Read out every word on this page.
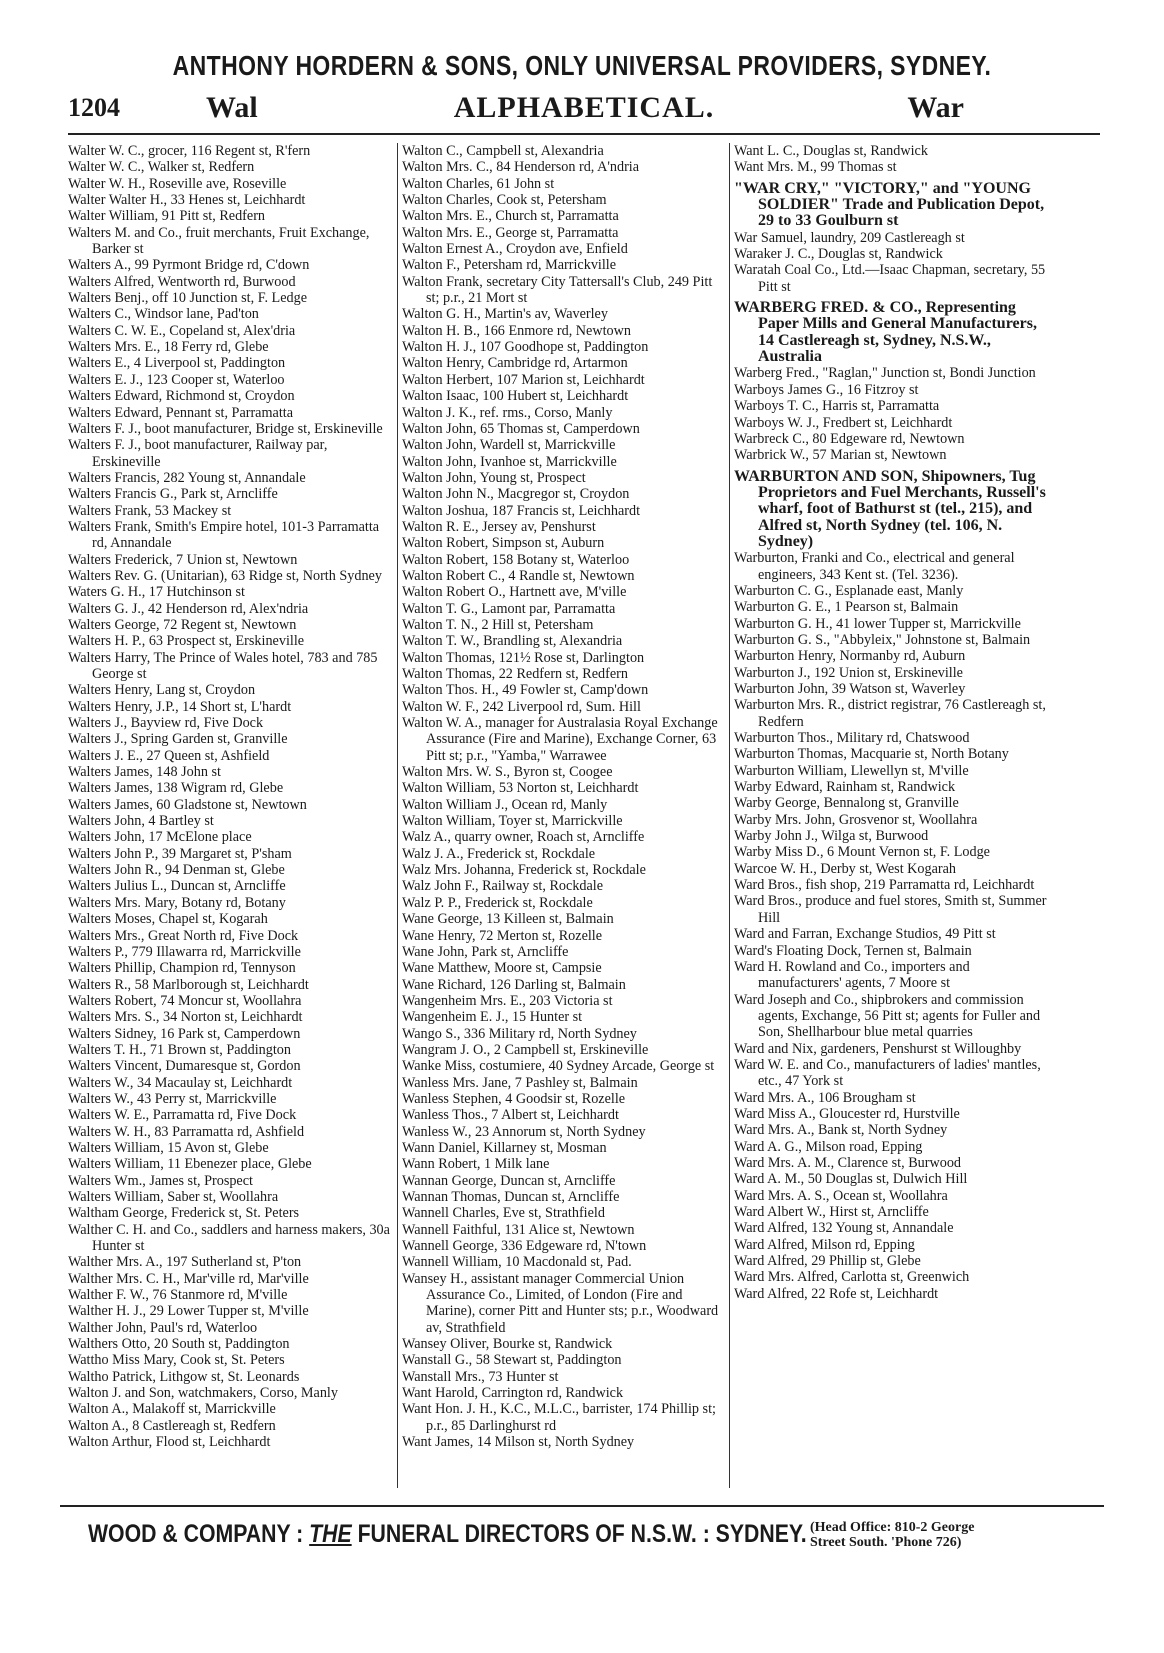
ANTHONY HORDERN & SONS, ONLY UNIVERSAL PROVIDERS, SYDNEY.
1204	Wal	ALPHABETICAL.	War

Walter W. C., grocer, 116 Regent st, R'fern

Walter W. C., Walker st, Redfern

Walter W. H., Roseville ave, Roseville

Walter Walter H., 33 Henes st, Leichhardt

Walter William, 91 Pitt st, Redfern

Walters M. and Co., fruit merchants, Fruit Exchange, Barker st

Walters A., 99 Pyrmont Bridge rd, C'down

Walters Alfred, Wentworth rd, Burwood

Walters Benj., off 10 Junction st, F. Ledge

Walters C., Windsor lane, Pad'ton

Walters C. W. E., Copeland st, Alex'dria

Walters Mrs. E., 18 Ferry rd, Glebe

Walters E., 4 Liverpool st, Paddington

Walters E. J., 123 Cooper st, Waterloo

Walters Edward, Richmond st, Croydon

Walters Edward, Pennant st, Parramatta

Walters F. J., boot manufacturer, Bridge st, Erskineville

Walters F. J., boot manufacturer, Railway par, Erskineville

Walters Francis, 282 Young st, Annandale

Walters Francis G., Park st, Arncliffe

Walters Frank, 53 Mackey st

Walters Frank, Smith's Empire hotel, 101-3 Parramatta rd, Annandale

Walters Frederick, 7 Union st, Newtown

Walters Rev. G. (Unitarian), 63 Ridge st, North Sydney

Waters G. H., 17 Hutchinson st

Walters G. J., 42 Henderson rd, Alex'ndria

Walters George, 72 Regent st, Newtown

Walters H. P., 63 Prospect st, Erskineville

Walters Harry, The Prince of Wales hotel, 783 and 785 George st

Walters Henry, Lang st, Croydon

Walters Henry, J.P., 14 Short st, L'hardt

Walters J., Bayview rd, Five Dock

Walters J., Spring Garden st, Granville

Walters J. E., 27 Queen st, Ashfield

Walters James, 148 John st

Walters James, 138 Wigram rd, Glebe

Walters James, 60 Gladstone st, Newtown

Walters John, 4 Bartley st

Walters John, 17 McElone place

Walters John P., 39 Margaret st, P'sham

Walters John R., 94 Denman st, Glebe

Walters Julius L., Duncan st, Arncliffe

Walters Mrs. Mary, Botany rd, Botany

Walters Moses, Chapel st, Kogarah

Walters Mrs., Great North rd, Five Dock

Walters P., 779 Illawarra rd, Marrickville

Walters Phillip, Champion rd, Tennyson

Walters R., 58 Marlborough st, Leichhardt

Walters Robert, 74 Moncur st, Woollahra

Walters Mrs. S., 34 Norton st, Leichhardt

Walters Sidney, 16 Park st, Camperdown

Walters T. H., 71 Brown st, Paddington

Walters Vincent, Dumaresque st, Gordon

Walters W., 34 Macaulay st, Leichhardt

Walters W., 43 Perry st, Marrickville

Walters W. E., Parramatta rd, Five Dock

Walters W. H., 83 Parramatta rd, Ashfield

Walters William, 15 Avon st, Glebe

Walters William, 11 Ebenezer place, Glebe

Walters Wm., James st, Prospect

Walters William, Saber st, Woollahra

Waltham George, Frederick st, St. Peters

Walther C. H. and Co., saddlers and harness makers, 30a Hunter st

Walther Mrs. A., 197 Sutherland st, P'ton

Walther Mrs. C. H., Mar'ville rd, Mar'ville

Walther F. W., 76 Stanmore rd, M'ville

Walther H. J., 29 Lower Tupper st, M'ville

Walther John, Paul's rd, Waterloo

Walthers Otto, 20 South st, Paddington

Wattho Miss Mary, Cook st, St. Peters

Waltho Patrick, Lithgow st, St. Leonards

Walton J. and Son, watchmakers, Corso, Manly

Walton A., Malakoff st, Marrickville

Walton A., 8 Castlereagh st, Redfern

Walton Arthur, Flood st, Leichhardt

Walton C., Campbell st, Alexandria

Walton Mrs. C., 84 Henderson rd, A'ndria

Walton Charles, 61 John st

Walton Charles, Cook st, Petersham

Walton Mrs. E., Church st, Parramatta

Walton Mrs. E., George st, Parramatta

Walton Ernest A., Croydon ave, Enfield

Walton F., Petersham rd, Marrickville

Walton Frank, secretary City Tattersall's Club, 249 Pitt st; p.r., 21 Mort st

Walton G. H., Martin's av, Waverley

Walton H. B., 166 Enmore rd, Newtown

Walton H. J., 107 Goodhope st, Paddington

Walton Henry, Cambridge rd, Artarmon

Walton Herbert, 107 Marion st, Leichhardt

Walton Isaac, 100 Hubert st, Leichhardt

Walton J. K., ref. rms., Corso, Manly

Walton John, 65 Thomas st, Camperdown

Walton John, Wardell st, Marrickville

Walton John, Ivanhoe st, Marrickville

Walton John, Young st, Prospect

Walton John N., Macgregor st, Croydon

Walton Joshua, 187 Francis st, Leichhardt

Walton R. E., Jersey av, Penshurst

Walton Robert, Simpson st, Auburn

Walton Robert, 158 Botany st, Waterloo

Walton Robert C., 4 Randle st, Newtown

Walton Robert O., Hartnett ave, M'ville

Walton T. G., Lamont par, Parramatta

Walton T. N., 2 Hill st, Petersham

Walton T. W., Brandling st, Alexandria

Walton Thomas, 121½ Rose st, Darlington

Walton Thomas, 22 Redfern st, Redfern

Walton Thos. H., 49 Fowler st, Camp'down

Walton W. F., 242 Liverpool rd, Sum. Hill

Walton W. A., manager for Australasia Royal Exchange Assurance (Fire and Marine), Exchange Corner, 63 Pitt st; p.r., "Yamba," Warrawee

Walton Mrs. W. S., Byron st, Coogee

Walton William, 53 Norton st, Leichhardt

Walton William J., Ocean rd, Manly

Walton William, Toyer st, Marrickville

Walz A., quarry owner, Roach st, Arncliffe

Walz J. A., Frederick st, Rockdale

Walz Mrs. Johanna, Frederick st, Rockdale

Walz John F., Railway st, Rockdale

Walz P. P., Frederick st, Rockdale

Wane George, 13 Killeen st, Balmain

Wane Henry, 72 Merton st, Rozelle

Wane John, Park st, Arncliffe

Wane Matthew, Moore st, Campsie

Wane Richard, 126 Darling st, Balmain

Wangenheim Mrs. E., 203 Victoria st

Wangenheim E. J., 15 Hunter st

Wango S., 336 Military rd, North Sydney

Wangram J. O., 2 Campbell st, Erskineville

Wanke Miss, costumiere, 40 Sydney Arcade, George st

Wanless Mrs. Jane, 7 Pashley st, Balmain

Wanless Stephen, 4 Goodsir st, Rozelle

Wanless Thos., 7 Albert st, Leichhardt

Wanless W., 23 Annorum st, North Sydney

Wann Daniel, Killarney st, Mosman

Wann Robert, 1 Milk lane

Wannan George, Duncan st, Arncliffe

Wannan Thomas, Duncan st, Arncliffe

Wannell Charles, Eve st, Strathfield

Wannell Faithful, 131 Alice st, Newtown

Wannell George, 336 Edgeware rd, N'town

Wannell William, 10 Macdonald st, Pad.

Wansey H., assistant manager Commercial Union Assurance Co., Limited, of London (Fire and Marine), corner Pitt and Hunter sts; p.r., Woodward av, Strathfield

Wansey Oliver, Bourke st, Randwick

Wanstall G., 58 Stewart st, Paddington

Wanstall Mrs., 73 Hunter st

Want Harold, Carrington rd, Randwick

Want Hon. J. H., K.C., M.L.C., barrister, 174 Phillip st; p.r., 85 Darlinghurst rd

Want James, 14 Milson st, North Sydney

Want L. C., Douglas st, Randwick

Want Mrs. M., 99 Thomas st

"WAR CRY," "VICTORY," and "YOUNG SOLDIER" Trade and Publication Depot, 29 to 33 Goulburn st

War Samuel, laundry, 209 Castlereagh st

Waraker J. C., Douglas st, Randwick

Waratah Coal Co., Ltd.—Isaac Chapman, secretary, 55 Pitt st

WARBERG FRED. & CO., Representing Paper Mills and General Manufacturers, 14 Castlereagh st, Sydney, N.S.W., Australia

Warberg Fred., "Raglan," Junction st, Bondi Junction

Warboys James G., 16 Fitzroy st

Warboys T. C., Harris st, Parramatta

Warboys W. J., Fredbert st, Leichhardt

Warbreck C., 80 Edgeware rd, Newtown

Warbrick W., 57 Marian st, Newtown

WARBURTON AND SON, Shipowners, Tug Proprietors and Fuel Merchants, Russell's wharf, foot of Bathurst st (tel., 215), and Alfred st, North Sydney (tel. 106, N. Sydney)

Warburton, Franki and Co., electrical and general engineers, 343 Kent st. (Tel. 3236).

Warburton C. G., Esplanade east, Manly

Warburton G. E., 1 Pearson st, Balmain

Warburton G. H., 41 lower Tupper st, Marrickville

Warburton G. S., "Abbyleix," Johnstone st, Balmain

Warburton Henry, Normanby rd, Auburn

Warburton J., 192 Union st, Erskineville

Warburton John, 39 Watson st, Waverley

Warburton Mrs. R., district registrar, 76 Castlereagh st, Redfern

Warburton Thos., Military rd, Chatswood

Warburton Thomas, Macquarie st, North Botany

Warburton William, Llewellyn st, M'ville

Warby Edward, Rainham st, Randwick

Warby George, Bennalong st, Granville

Warby Mrs. John, Grosvenor st, Woollahra

Warby John J., Wilga st, Burwood

Warby Miss D., 6 Mount Vernon st, F. Lodge

Warcoe W. H., Derby st, West Kogarah

Ward Bros., fish shop, 219 Parramatta rd, Leichhardt

Ward Bros., produce and fuel stores, Smith st, Summer Hill

Ward and Farran, Exchange Studios, 49 Pitt st

Ward's Floating Dock, Ternen st, Balmain

Ward H. Rowland and Co., importers and manufacturers' agents, 7 Moore st

Ward Joseph and Co., shipbrokers and commission agents, Exchange, 56 Pitt st; agents for Fuller and Son, Shellharbour blue metal quarries

Ward and Nix, gardeners, Penshurst st Willoughby

Ward W. E. and Co., manufacturers of ladies' mantles, etc., 47 York st

Ward Mrs. A., 106 Brougham st

Ward Miss A., Gloucester rd, Hurstville

Ward Mrs. A., Bank st, North Sydney

Ward A. G., Milson road, Epping

Ward Mrs. A. M., Clarence st, Burwood

Ward A. M., 50 Douglas st, Dulwich Hill

Ward Mrs. A. S., Ocean st, Woollahra

Ward Albert W., Hirst st, Arncliffe

Ward Alfred, 132 Young st, Annandale

Ward Alfred, Milson rd, Epping

Ward Alfred, 29 Phillip st, Glebe

Ward Mrs. Alfred, Carlotta st, Greenwich

Ward Alfred, 22 Rofe st, Leichhardt

WOOD & COMPANY : THE FUNERAL DIRECTORS OF N.S.W. : SYDNEY. (Head Office: 810-2 George
Street South. 'Phone 726)
